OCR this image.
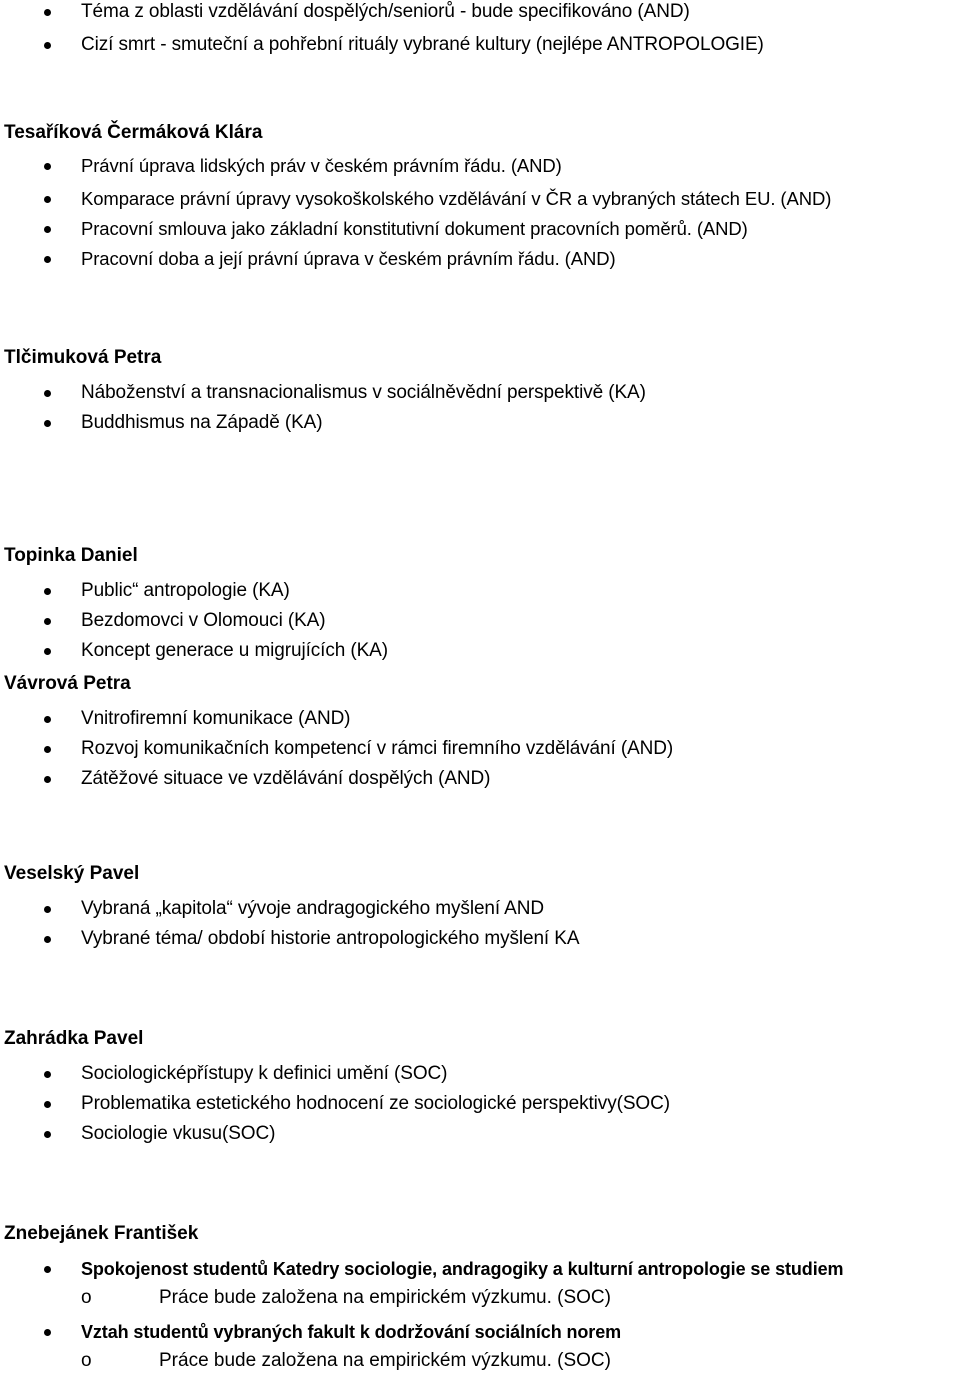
Téma z oblasti vzdělávání dospělých/seniorů - bude specifikováno (AND)
Cizí smrt - smuteční a pohřební rituály vybrané kultury (nejlépe ANTROPOLOGIE)
Tesaříková Čermáková Klára
Právní úprava lidských práv v českém právním řádu. (AND)
Komparace právní úpravy vysokoškolského vzdělávání v ČR a vybraných státech EU. (AND)
Pracovní smlouva jako základní konstitutivní dokument pracovních poměrů. (AND)
Pracovní doba a její právní úprava v českém právním řádu. (AND)
Tlčimuková Petra
Náboženství a transnacionalismus v sociálněvědní perspektivě (KA)
Buddhismus na Západě (KA)
Topinka Daniel
Public“ antropologie (KA)
Bezdomovci v Olomouci (KA)
Koncept generace u migrujících (KA)
Vávrová Petra
Vnitrofiremní komunikace (AND)
Rozvoj komunikačních kompetencí v rámci firemního vzdělávání (AND)
Zátěžové situace ve vzdělávání dospělých (AND)
Veselský Pavel
Vybraná „kapitola“ vývoje andragogického myšlení AND
Vybrané téma/ období historie antropologického myšlení KA
Zahrádka Pavel
Sociologicképřístupy k definici umění (SOC)
Problematika estetického hodnocení ze sociologické perspektivy(SOC)
Sociologie vkusu(SOC)
Znebejánek František
Spokojenost studentů Katedry sociologie, andragogiky a kulturní antropologie se studiem
o	Práce bude založena na empirickém výzkumu. (SOC)
Vztah studentů vybraných fakult k dodržování sociálních norem
o	Práce bude založena na empirickém výzkumu. (SOC)
